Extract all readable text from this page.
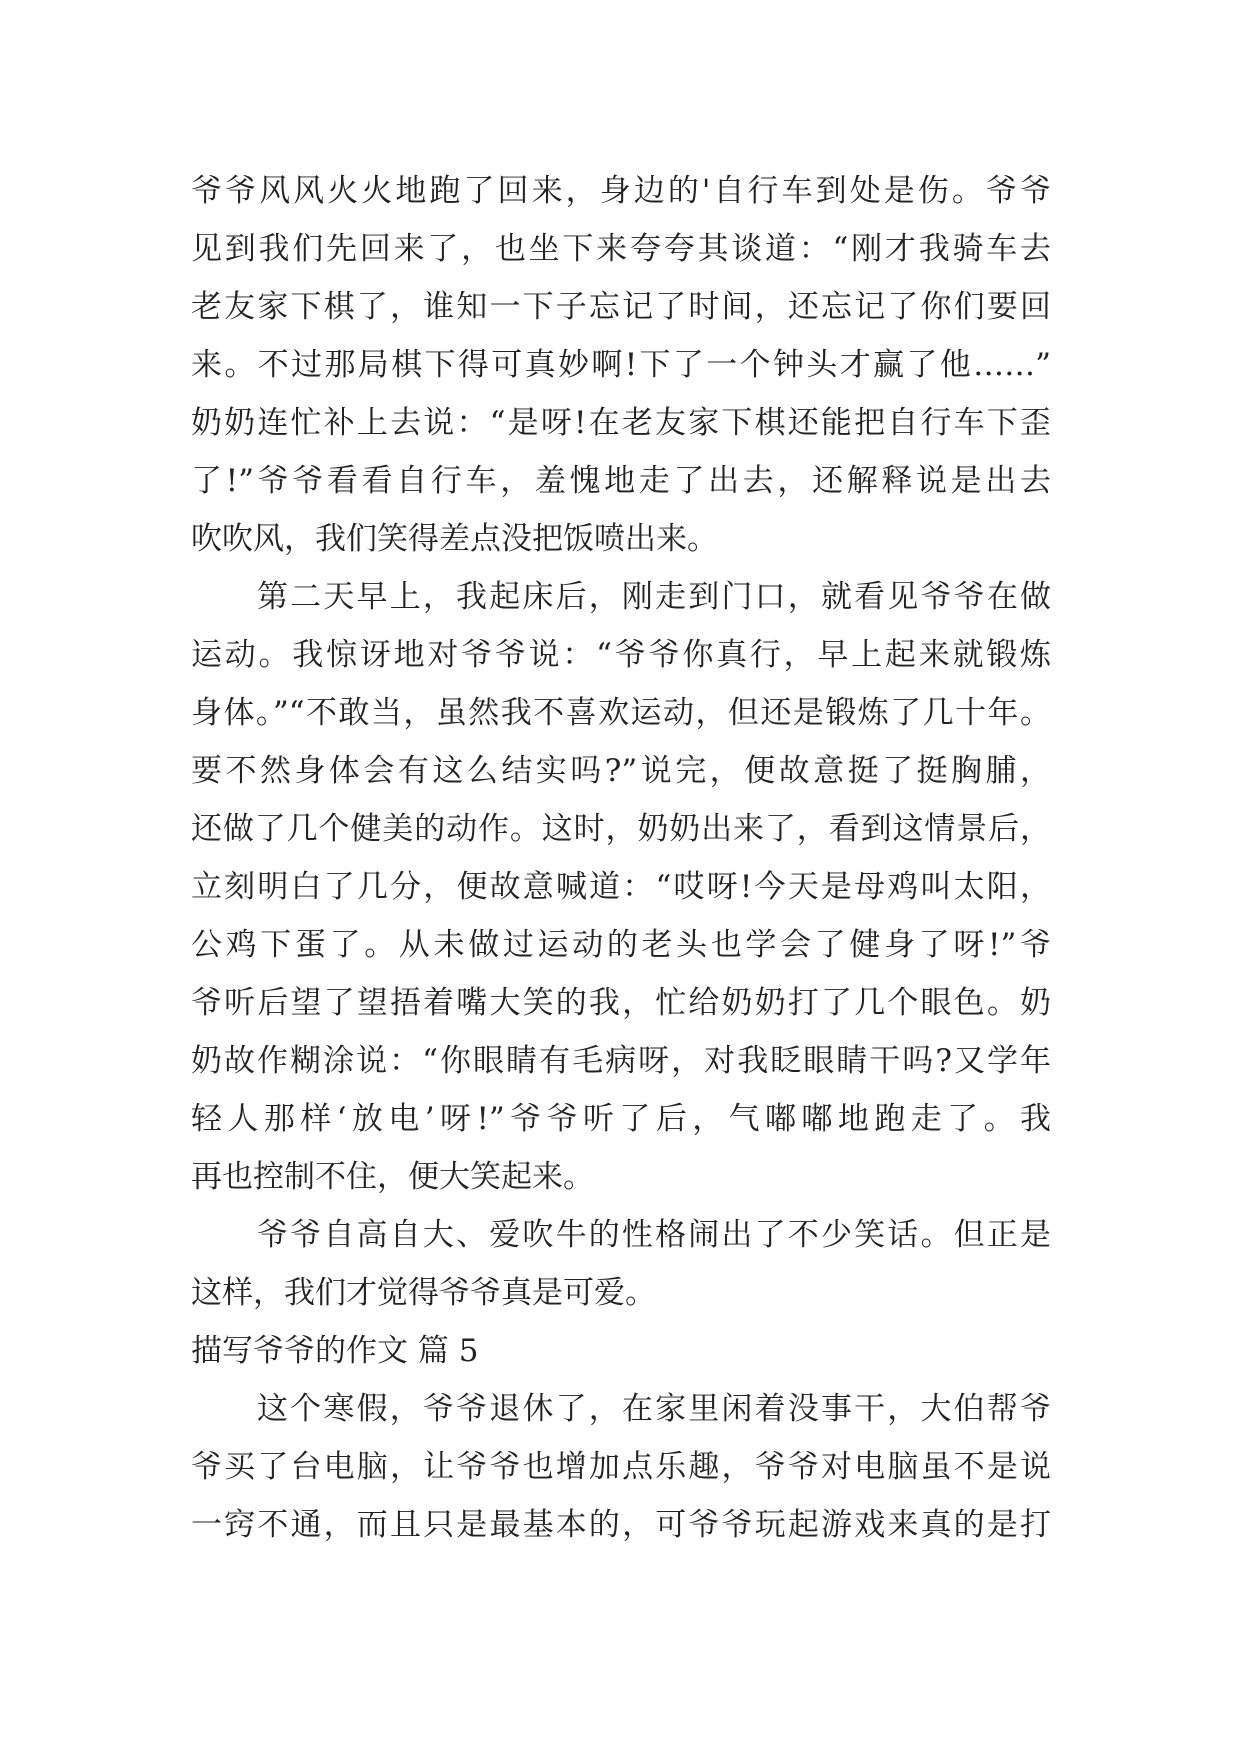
爷爷风风火火地跑了回来，身边的'自行车到处是伤。爷爷
见到我们先回来了，也坐下来夸夸其谈道：“刚才我骑车去
老友家下棋了，谁知一下子忘记了时间，还忘记了你们要回
来。不过那局棋下得可真妙啊!下了一个钟头才赢了他……”
奶奶连忙补上去说：“是呀!在老友家下棋还能把自行车下歪
了!”爷爷看看自行车，羞愧地走了出去，还解释说是出去
吹吹风，我们笑得差点没把饭喷出来。
第二天早上，我起床后，刚走到门口，就看见爷爷在做
运动。我惊讶地对爷爷说：“爷爷你真行，早上起来就锻炼
身体。”“不敢当，虽然我不喜欢运动，但还是锻炼了几十年。
要不然身体会有这么结实吗?”说完，便故意挺了挺胸脯，
还做了几个健美的动作。这时，奶奶出来了，看到这情景后，
立刻明白了几分，便故意喊道：“哎呀!今天是母鸡叫太阳，
公鸡下蛋了。从未做过运动的老头也学会了健身了呀!”爷
爷听后望了望捂着嘴大笑的我，忙给奶奶打了几个眼色。奶
奶故作糊涂说：“你眼睛有毛病呀，对我眨眼睛干吗?又学年
轻人那样‘放电’呀!”爷爷听了后，气嘟嘟地跑走了。我
再也控制不住，便大笑起来。
爷爷自高自大、爱吹牛的性格闹出了不少笑话。但正是
这样，我们才觉得爷爷真是可爱。
描写爷爷的作文 篇 5
这个寒假，爷爷退休了，在家里闲着没事干，大伯帮爷
爷买了台电脑，让爷爷也增加点乐趣，爷爷对电脑虽不是说
一窍不通，而且只是最基本的，可爷爷玩起游戏来真的是打
